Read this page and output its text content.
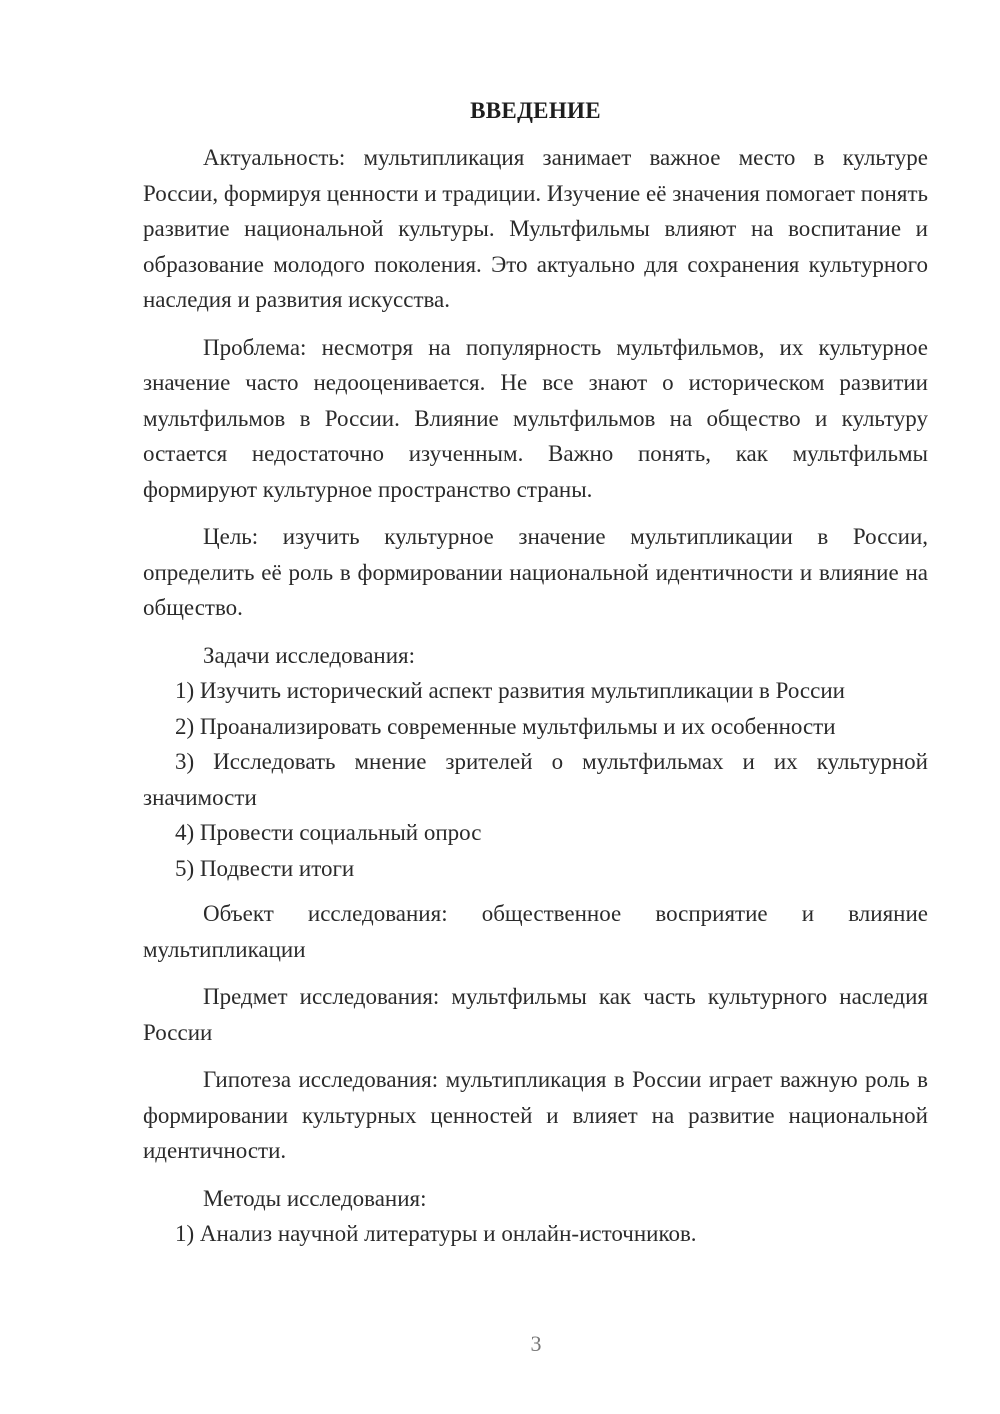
ВВЕДЕНИЕ

Актуальность: мультипликация занимает важное место в культуре России, формируя ценности и традиции. Изучение её значения помогает понять развитие национальной культуры. Мультфильмы влияют на воспитание и образование молодого поколения. Это актуально для сохранения культурного наследия и развития искусства.

Проблема: несмотря на популярность мультфильмов, их культурное значение часто недооценивается. Не все знают о историческом развитии мультфильмов в России. Влияние мультфильмов на общество и культуру остается недостаточно изученным. Важно понять, как мультфильмы формируют культурное пространство страны.

Цель: изучить культурное значение мультипликации в России, определить её роль в формировании национальной идентичности и влияние на общество.

Задачи исследования:

1) Изучить исторический аспект развития мультипликации в России

2) Проанализировать современные мультфильмы и их особенности

3) Исследовать мнение зрителей о мультфильмах и их культурной значимости

4) Провести социальный опрос

5) Подвести итоги

Объект исследования: общественное восприятие и влияние мультипликации

Предмет исследования: мультфильмы как часть культурного наследия России

Гипотеза исследования: мультипликация в России играет важную роль в формировании культурных ценностей и влияет на развитие национальной идентичности.

Методы исследования:

1) Анализ научной литературы и онлайн-источников.

3
